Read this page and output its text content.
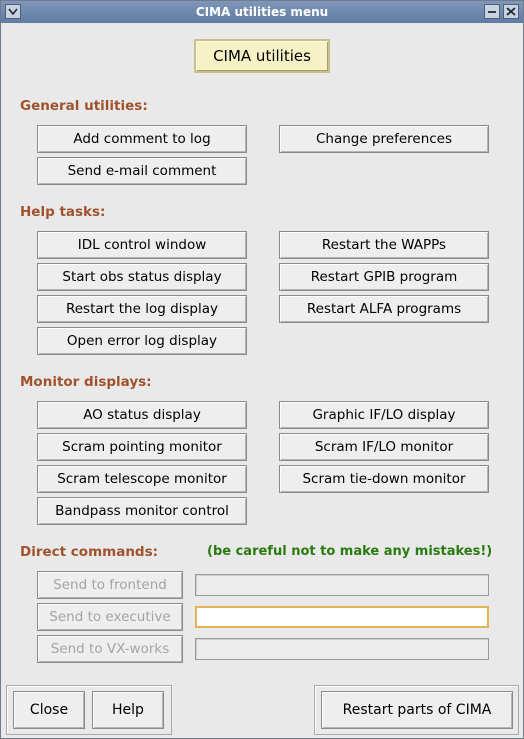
CIMA utilities menu
CIMA utilities
General utilities:
Add comment to log	Change preferences
Send e-mail comment
Help tasks:
IDL control window	Restart the WAPPs
Start obs status display	Restart GPIB program
Restart the log display	Restart ALFA programs
Open error log display
Monitor displays:
AO status display	Graphic IF/LO display
Scram pointing monitor	Scram IF/LO monitor
Scram telescope monitor	Scram tie-down monitor
Bandpass monitor control
Direct commands:	(be careful not to make any mistakes!)
Send to frontend
Send to executive
Send to VX-works
Close	Help	Restart parts of CIMA
